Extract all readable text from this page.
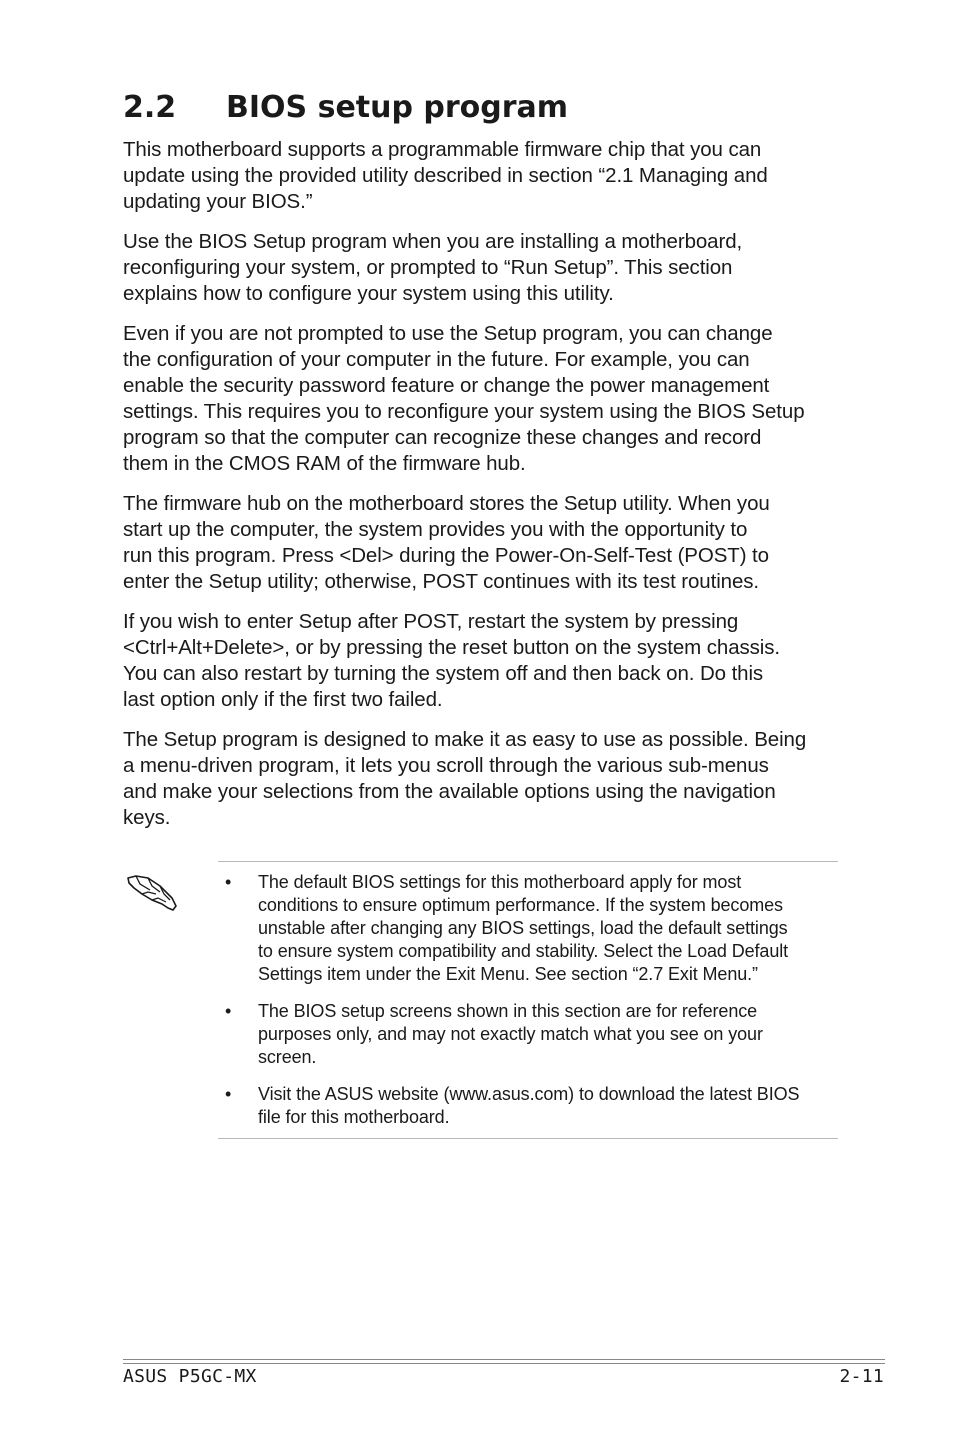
2.2 BIOS setup program

This motherboard supports a programmable firmware chip that you can
update using the provided utility described in section “2.1 Managing and
updating your BIOS.”

Use the BIOS Setup program when you are installing a motherboard,
reconfiguring your system, or prompted to “Run Setup”. This section
explains how to configure your system using this utility.

Even if you are not prompted to use the Setup program, you can change
the configuration of your computer in the future. For example, you can
enable the security password feature or change the power management
settings. This requires you to reconfigure your system using the BIOS Setup
program so that the computer can recognize these changes and record
them in the CMOS RAM of the firmware hub.

The firmware hub on the motherboard stores the Setup utility. When you
start up the computer, the system provides you with the opportunity to
run this program. Press <Del> during the Power-On-Self-Test (POST) to
enter the Setup utility; otherwise, POST continues with its test routines.

If you wish to enter Setup after POST, restart the system by pressing
<Ctrl+Alt+Delete>, or by pressing the reset button on the system chassis.
You can also restart by turning the system off and then back on. Do this
last option only if the first two failed.

The Setup program is designed to make it as easy to use as possible. Being
a menu-driven program, it lets you scroll through the various sub-menus
and make your selections from the available options using the navigation
keys.

• The default BIOS settings for this motherboard apply for most
conditions to ensure optimum performance. If the system becomes
unstable after changing any BIOS settings, load the default settings
to ensure system compatibility and stability. Select the Load Default
Settings item under the Exit Menu. See section “2.7 Exit Menu.”
• The BIOS setup screens shown in this section are for reference
purposes only, and may not exactly match what you see on your
screen.
• Visit the ASUS website (www.asus.com) to download the latest BIOS
file for this motherboard.
ASUS P5GC-MX	2-11
